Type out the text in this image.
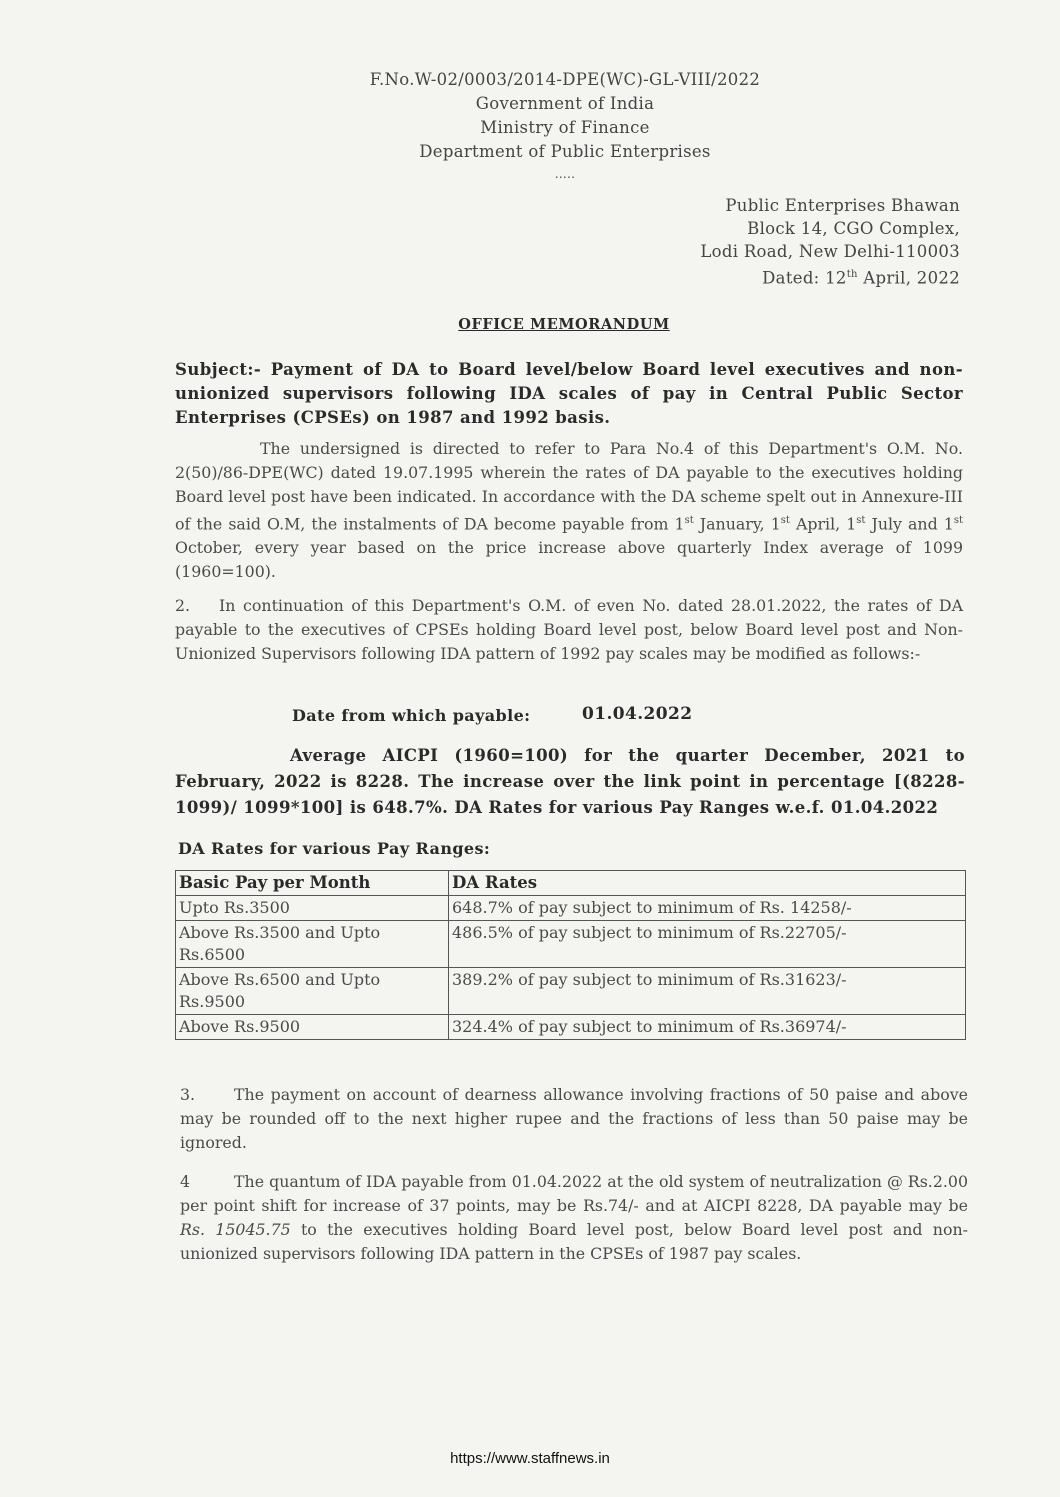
F.No.W-02/0003/2014-DPE(WC)-GL-VIII/2022
Government of India
Ministry of Finance
Department of Public Enterprises
.....
Public Enterprises Bhawan
Block 14, CGO Complex,
Lodi Road, New Delhi-110003
Dated: 12th April, 2022
OFFICE MEMORANDUM
Subject:- Payment of DA to Board level/below Board level executives and non-unionized supervisors following IDA scales of pay in Central Public Sector Enterprises (CPSEs) on 1987 and 1992 basis.
The undersigned is directed to refer to Para No.4 of this Department's O.M. No. 2(50)/86-DPE(WC) dated 19.07.1995 wherein the rates of DA payable to the executives holding Board level post have been indicated. In accordance with the DA scheme spelt out in Annexure-III of the said O.M, the instalments of DA become payable from 1st January, 1st April, 1st July and 1st October, every year based on the price increase above quarterly Index average of 1099 (1960=100).
2. In continuation of this Department's O.M. of even No. dated 28.01.2022, the rates of DA payable to the executives of CPSEs holding Board level post, below Board level post and Non-Unionized Supervisors following IDA pattern of 1992 pay scales may be modified as follows:-
Date from which payable:	01.04.2022
Average AICPI (1960=100) for the quarter December, 2021 to February, 2022 is 8228. The increase over the link point in percentage [(8228-1099)/ 1099*100] is 648.7%. DA Rates for various Pay Ranges w.e.f. 01.04.2022
DA Rates for various Pay Ranges:
Basic Pay per Month	DA Rates
Upto Rs.3500	648.7% of pay subject to minimum of Rs. 14258/-
Above Rs.3500 and Upto Rs.6500	486.5% of pay subject to minimum of Rs.22705/-
Above Rs.6500 and Upto Rs.9500	389.2% of pay subject to minimum of Rs.31623/-
Above Rs.9500	324.4% of pay subject to minimum of Rs.36974/-
3. The payment on account of dearness allowance involving fractions of 50 paise and above may be rounded off to the next higher rupee and the fractions of less than 50 paise may be ignored.
4	The quantum of IDA payable from 01.04.2022 at the old system of neutralization @ Rs.2.00 per point shift for increase of 37 points, may be Rs.74/- and at AICPI 8228, DA payable may be Rs. 15045.75 to the executives holding Board level post, below Board level post and non-unionized supervisors following IDA pattern in the CPSEs of 1987 pay scales.
https://www.staffnews.in
